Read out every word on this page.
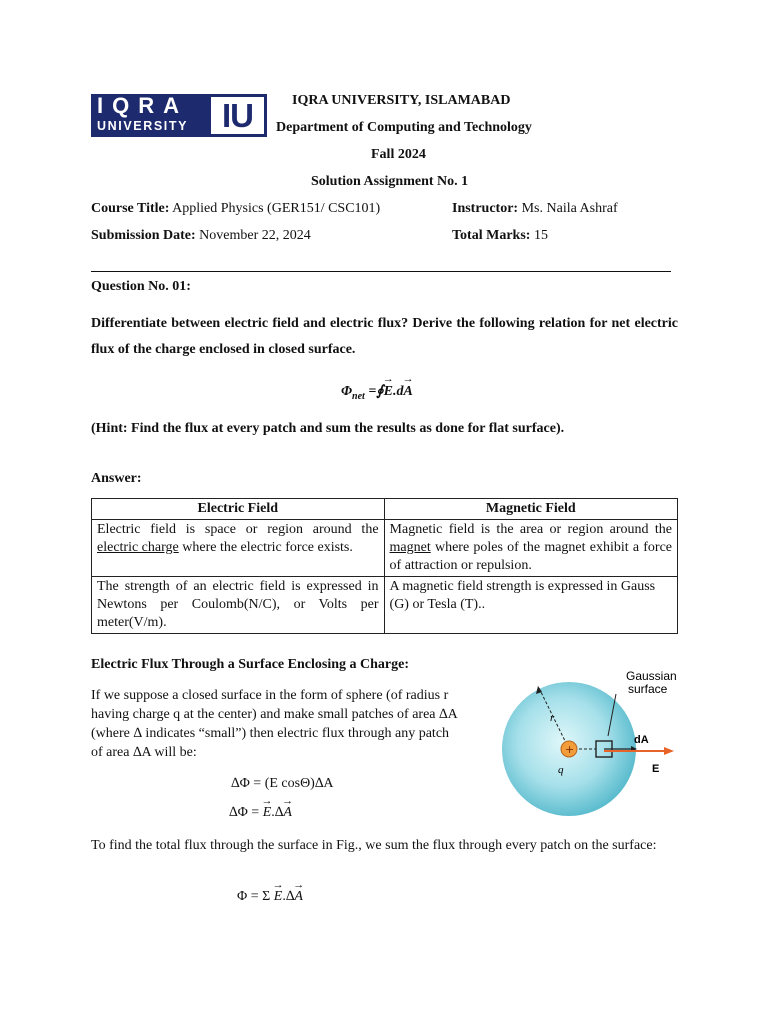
IQRA
UNIVERSITY	IU	IQRA UNIVERSITY, ISLAMABAD
Department of Computing and Technology
Fall 2024
Solution Assignment No. 1
Course Title: Applied Physics (GER151/ CSC101)	Instructor: Ms. Naila Ashraf
Submission Date: November 22, 2024	Total Marks: 15
Question No. 01:
Differentiate between electric field and electric flux? Derive the following relation for net electric flux of the charge enclosed in closed surface.
$\Phi_{net}$ =∮→ E.d→ A
(Hint: Find the flux at every patch and sum the results as done for flat surface).
Answer:
Electric Field	Magnetic Field
Electric field is space or region around the electric charge where the electric force exists.	Magnetic field is the area or region around the magnet where poles of the magnet exhibit a force of attraction or repulsion.
The strength of an electric field is expressed in Newtons per Coulomb(N/C), or Volts per meter(V/m).	A magnetic field strength is expressed in Gauss (G) or Tesla (T)..
Electric Flux Through a Surface Enclosing a Charge:
If we suppose a closed surface in the form of sphere (of radius r
having charge q at the center) and make small patches of area ∆A
(where ∆ indicates “small”) then electric flux through any patch
of area ∆A will be:
∆Φ = (E cosΘ)∆A
∆Φ = → E.∆→ A
To find the total flux through the surface in Fig., we sum the flux through every patch on the surface:
Φ = Σ → E.∆→ A
+
Gaussian
surface
r
q
dA
E
